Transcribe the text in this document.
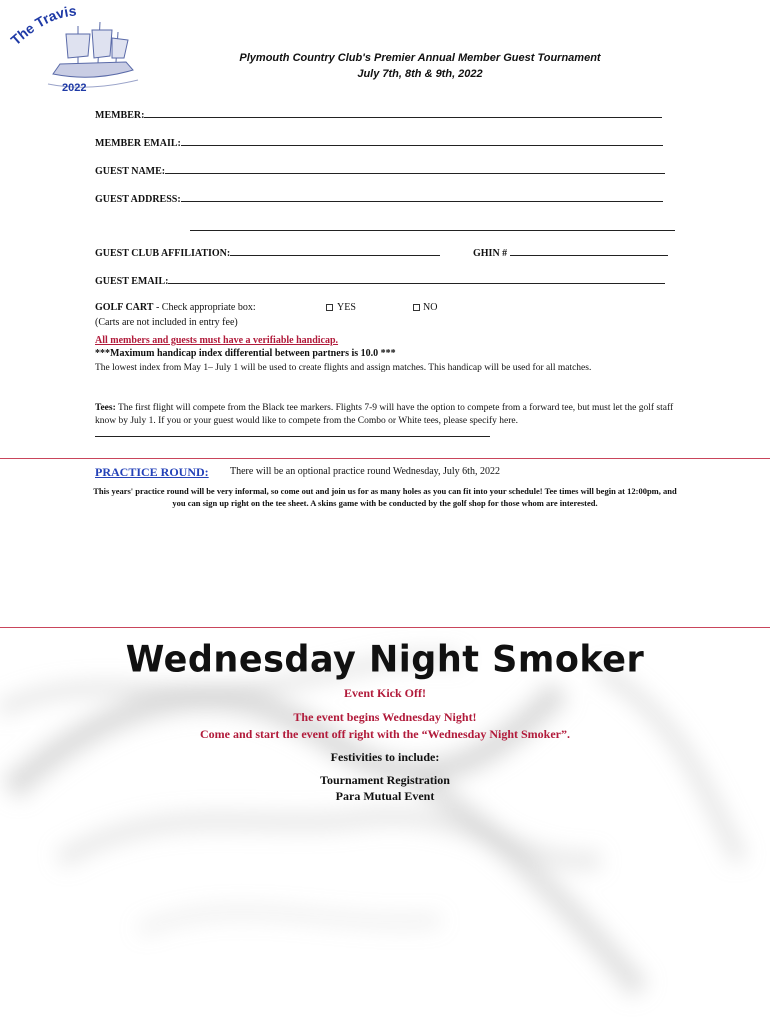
The Travis
2022
Plymouth Country Club's Premier Annual Member Guest Tournament
July 7th, 8th & 9th, 2022
MEMBER:
MEMBER EMAIL:
GUEST NAME:
GUEST ADDRESS:
GUEST CLUB AFFILIATION:	GHIN #
GUEST EMAIL:
GOLF CART - Check appropriate box:	YES	NO
(Carts are not included in entry fee)
All members and guests must have a verifiable handicap.
***Maximum handicap index differential between partners is 10.0 ***
The lowest index from May 1– July 1 will be used to create flights and assign matches. This handicap will be used for all matches.
Tees: The first flight will compete from the Black tee markers. Flights 7-9 will have the option to compete from a forward tee, but must let the golf staff know by July 1. If you or your guest would like to compete from the Combo or White tees, please specify here.
PRACTICE ROUND: There will be an optional practice round Wednesday, July 6th, 2022
This years' practice round will be very informal, so come out and join us for as many holes as you can fit into your schedule! Tee times will begin at 12:00pm, and you can sign up right on the tee sheet. A skins game with be conducted by the golf shop for those whom are interested.
Wednesday Night Smoker
Event Kick Off!
The event begins Wednesday Night!
Come and start the event off right with the “Wednesday Night Smoker”.
Festivities to include:
Tournament Registration
Para Mutual Event
